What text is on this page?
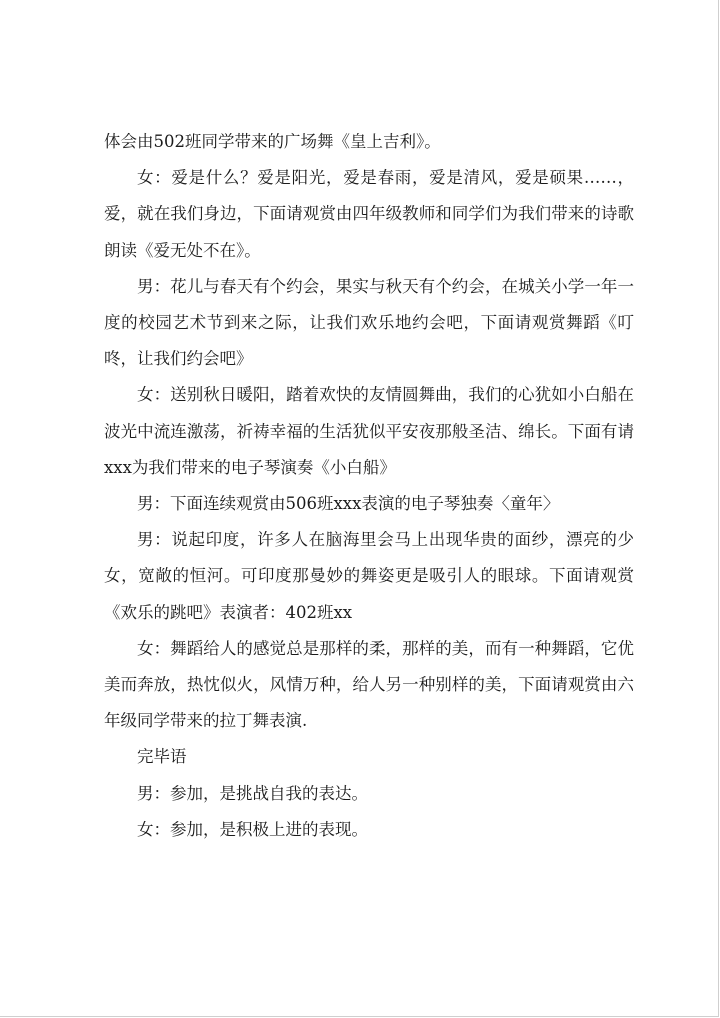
体会由502班同学带来的广场舞《皇上吉利》。

女：爱是什么？爱是阳光，爱是春雨，爱是清风，爱是硕果……，爱，就在我们身边，下面请观赏由四年级教师和同学们为我们带来的诗歌朗读《爱无处不在》。

男：花儿与春天有个约会，果实与秋天有个约会，在城关小学一年一度的校园艺术节到来之际，让我们欢乐地约会吧，下面请观赏舞蹈《叮咚，让我们约会吧》

女：送别秋日暖阳，踏着欢快的友情圆舞曲，我们的心犹如小白船在波光中流连激荡，祈祷幸福的生活犹似平安夜那般圣洁、绵长。下面有请xxx为我们带来的电子琴演奏《小白船》

男：下面连续观赏由506班xxx表演的电子琴独奏〈童年〉

男：说起印度，许多人在脑海里会马上出现华贵的面纱，漂亮的少女，宽敞的恒河。可印度那曼妙的舞姿更是吸引人的眼球。下面请观赏《欢乐的跳吧》表演者：402班xx

女：舞蹈给人的感觉总是那样的柔，那样的美，而有一种舞蹈，它优美而奔放，热忱似火，风情万种，给人另一种别样的美，下面请观赏由六年级同学带来的拉丁舞表演.

完毕语

男：参加，是挑战自我的表达。

女：参加，是积极上进的表现。
